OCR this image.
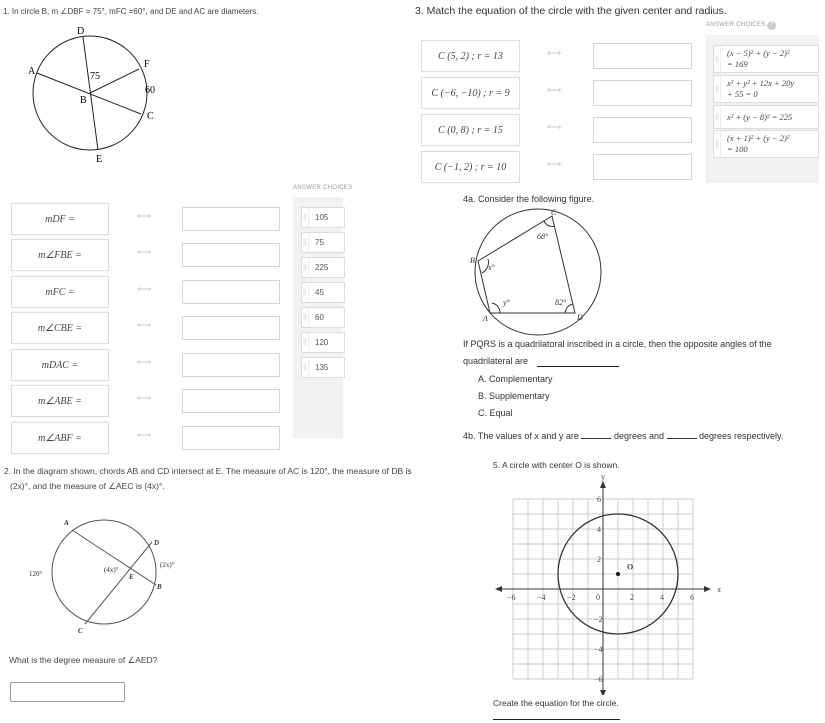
1. In circle B, m ∠DBF = 75°, mFC =60°, and DE and AC are diameters.
D
A
F
B
C
E
75
60
ANSWER CHOICES
mDF =	⟷
m∠FBE =	⟷
mFC =	⟷
m∠CBE =	⟷
mDAC =	⟷
m∠ABE =	⟷
m∠ABF =	⟷
|| 105
|| 75
|| 225
|| 45
|| 60
|| 120
|| 135
2. In the diagram shown, chords AB and CD intersect at E. The measure of AC is 120°, the measure of DB is
(2x)°, and the measure of ∠AEC is (4x)°.
A
D
B
C
E
120°
(2x)°
(4x)°
What is the degree measure of ∠AED?
3. Match the equation of the circle with the given center and radius.
ANSWER CHOICES ?
C (5, 2) ; r = 13	⟷
C (−6, −10) ; r = 9	⟷
C (0, 8) ; r = 15	⟷
C (−1, 2) ; r = 10	⟷
||
(x − 5)² + (y − 2)²
= 169
||
x² + y² + 12x + 20y
+ 55 = 0
|| x² + (y − 8)² = 225

||
(x + 1)² + (y − 2)²
= 100
4a. Consider the following figure.
C
B
A	D
68°
82°
x°
y°
If PQRS is a quadrilatoral inscribed in a circle, then the opposite angles of the
quadrilateral are
A. Complementary
B. Supplementary
C. Equal
4b. The values of x and y are	degrees and	degrees respectively.
5. A circle with center O is shown.
O
x
y
−6	−4	−2	0	2	4	6
6
4
2
−2
−4
−6
Create the equation for the circle.
